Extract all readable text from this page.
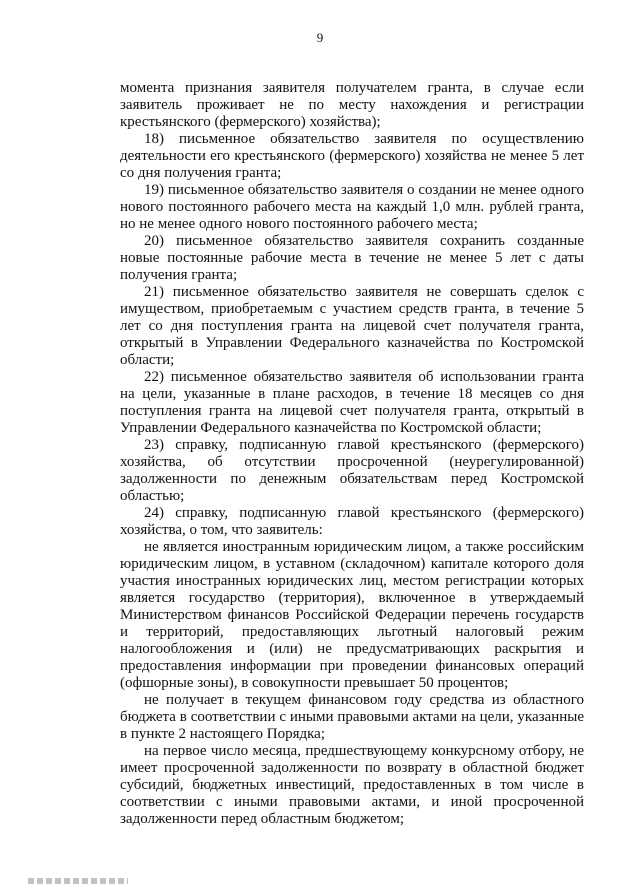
9

момента признания заявителя получателем гранта, в случае если заявитель проживает не по месту нахождения и регистрации крестьянского (фермерского) хозяйства);

18) письменное обязательство заявителя по осуществлению деятельности его крестьянского (фермерского) хозяйства не менее 5 лет со дня получения гранта;

19) письменное обязательство заявителя о создании не менее одного нового постоянного рабочего места на каждый 1,0 млн. рублей гранта, но не менее одного нового постоянного рабочего места;

20) письменное обязательство заявителя сохранить созданные новые постоянные рабочие места в течение не менее 5 лет с даты получения гранта;

21) письменное обязательство заявителя не совершать сделок с имуществом, приобретаемым с участием средств гранта, в течение 5 лет со дня поступления гранта на лицевой счет получателя гранта, открытый в Управлении Федерального казначейства по Костромской области;

22) письменное обязательство заявителя об использовании гранта на цели, указанные в плане расходов, в течение 18 месяцев со дня поступления гранта на лицевой счет получателя гранта, открытый в Управлении Федерального казначейства по Костромской области;

23) справку, подписанную главой крестьянского (фермерского) хозяйства, об отсутствии просроченной (неурегулированной) задолженности по денежным обязательствам перед Костромской областью;

24) справку, подписанную главой крестьянского (фермерского) хозяйства, о том, что заявитель:

не является иностранным юридическим лицом, а также российским юридическим лицом, в уставном (складочном) капитале которого доля участия иностранных юридических лиц, местом регистрации которых является государство (территория), включенное в утверждаемый Министерством финансов Российской Федерации перечень государств и территорий, предоставляющих льготный налоговый режим налогообложения и (или) не предусматривающих раскрытия и предоставления информации при проведении финансовых операций (офшорные зоны), в совокупности превышает 50 процентов;

не получает в текущем финансовом году средства из областного бюджета в соответствии с иными правовыми актами на цели, указанные в пункте 2 настоящего Порядка;

на первое число месяца, предшествующему конкурсному отбору, не имеет просроченной задолженности по возврату в областной бюджет субсидий, бюджетных инвестиций, предоставленных в том числе в соответствии с иными правовыми актами, и иной просроченной задолженности перед областным бюджетом;
